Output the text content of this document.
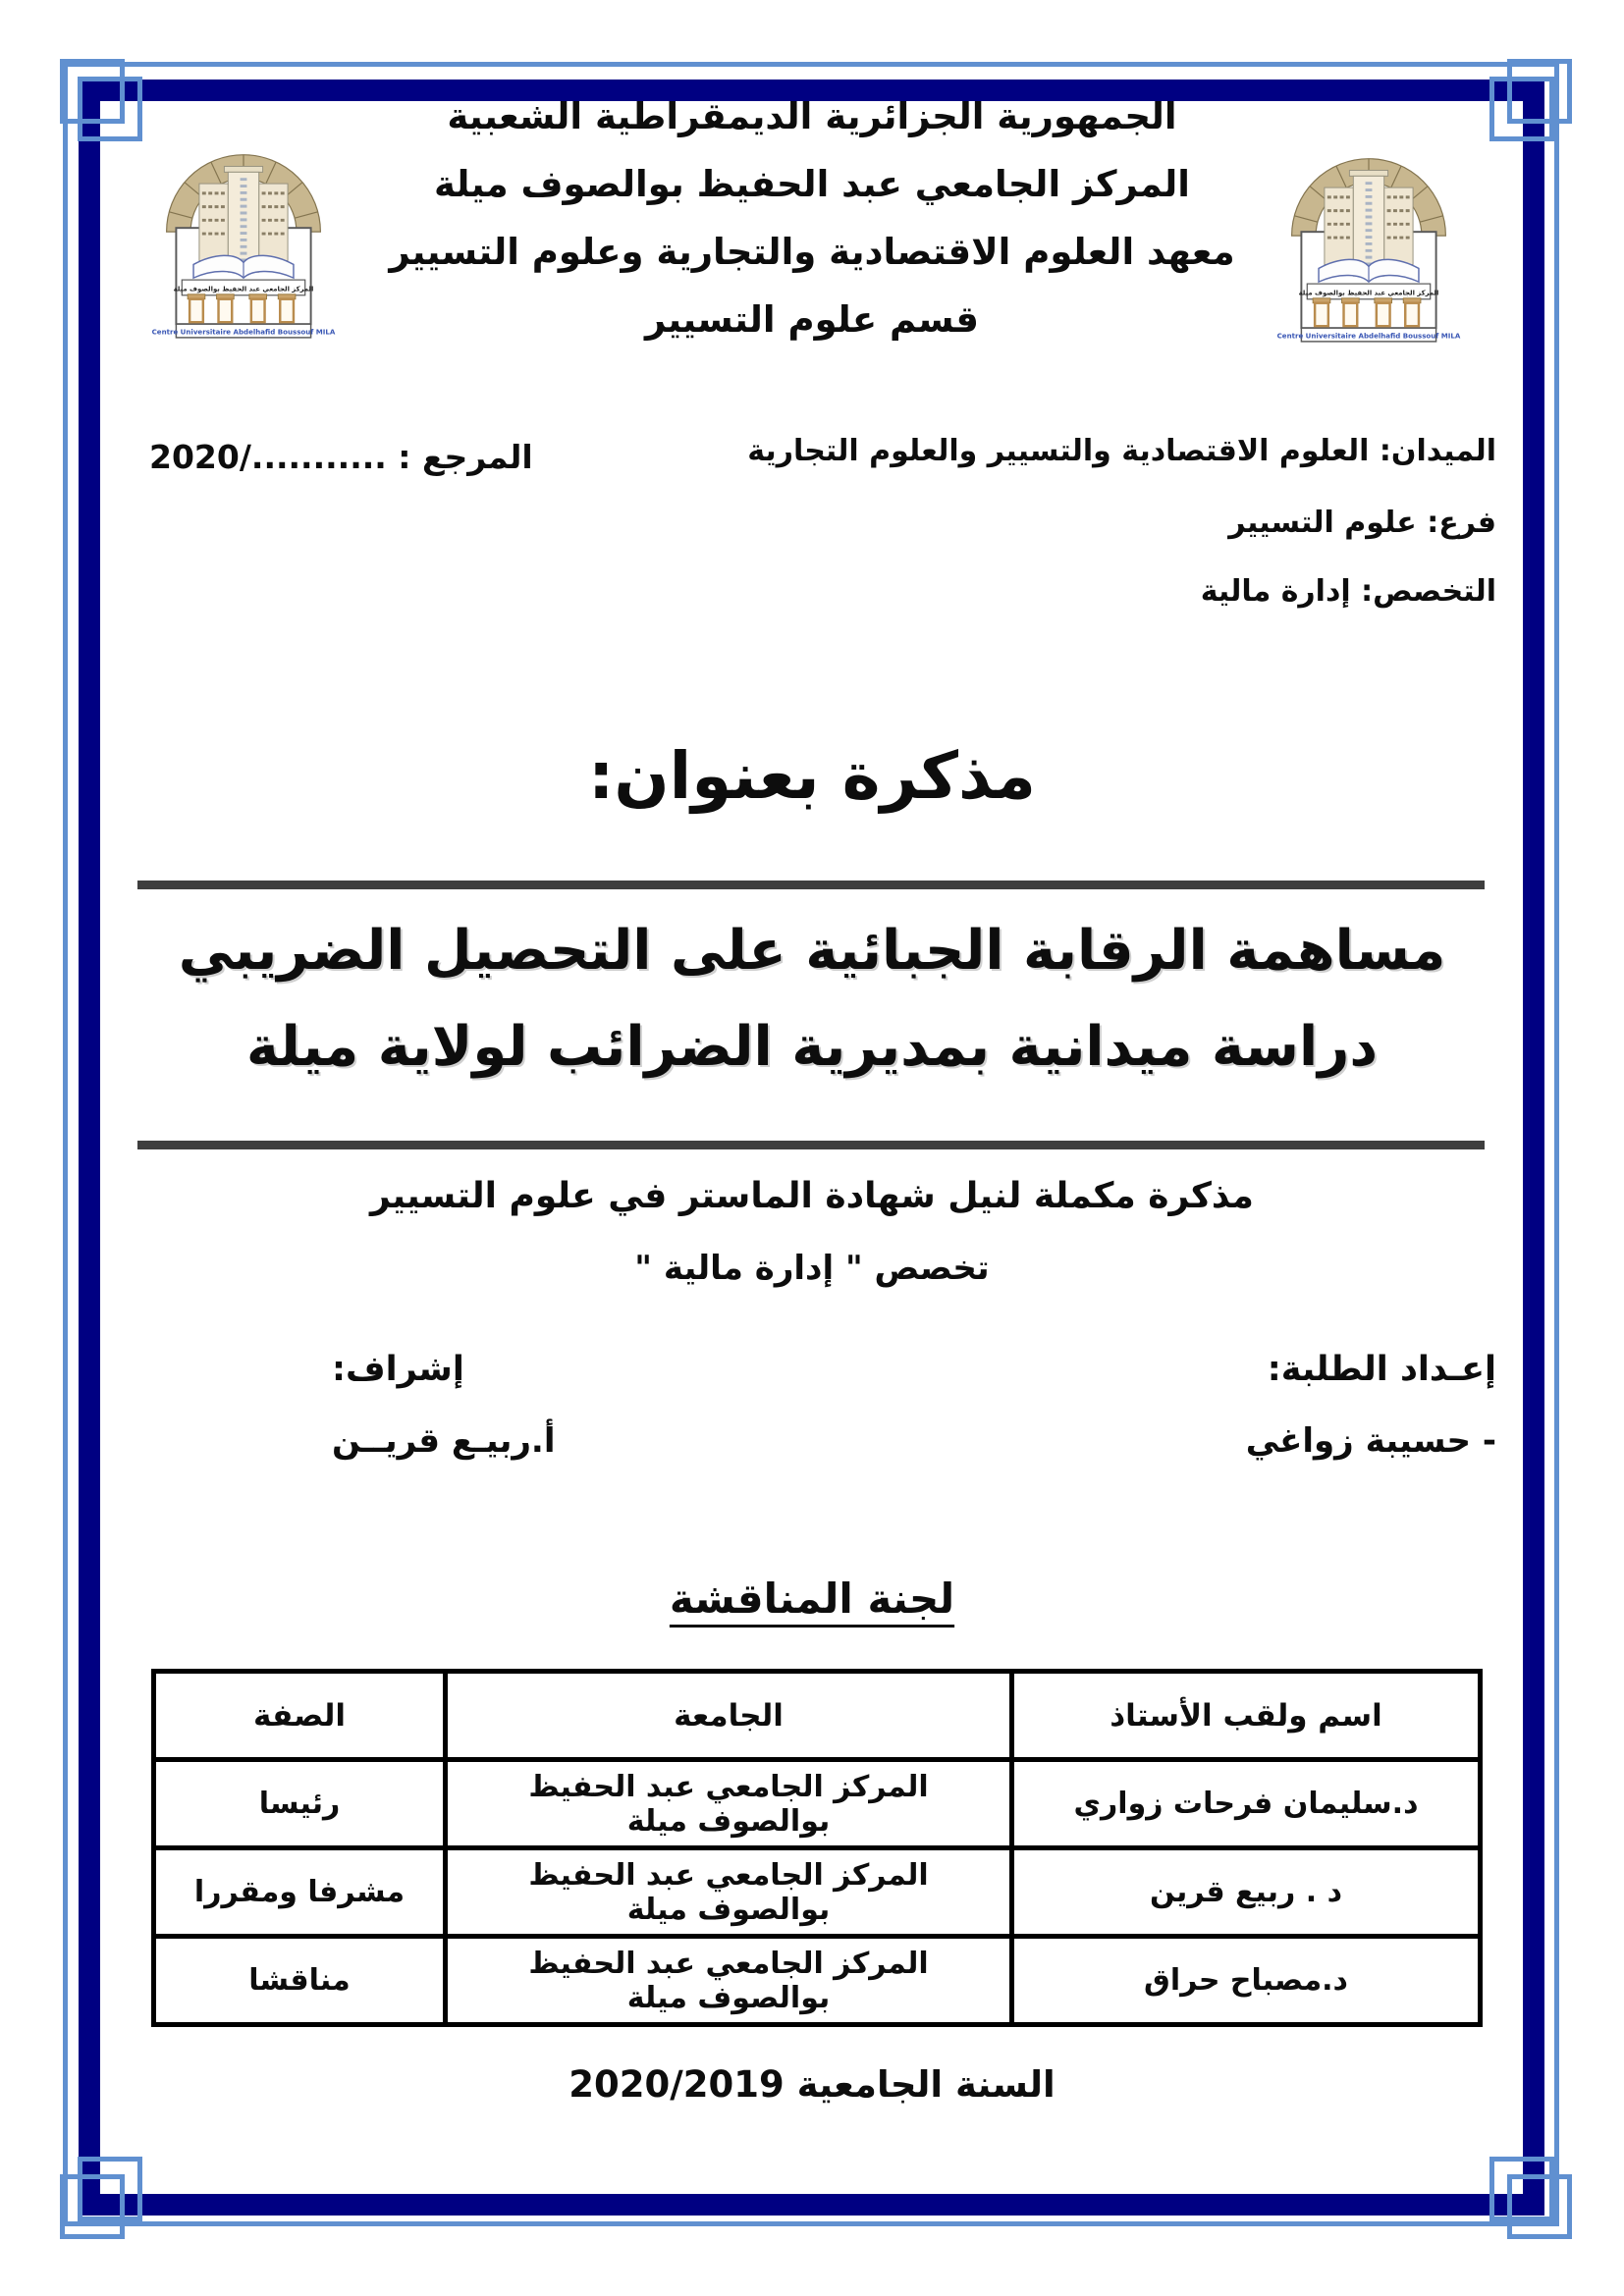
الجمهورية الجزائرية الديمقراطية الشعبية
المركز الجامعي عبد الحفيظ بوالصوف ميلة
معهد العلوم الاقتصادية والتجارية وعلوم التسيير
قسم علوم التسيير
الميدان: العلوم الاقتصادية والتسيير والعلوم التجارية
المرجع : .........../2020
فرع: علوم التسيير
التخصص: إدارة مالية
مذكرة بعنوان:
مساهمة الرقابة الجبائية على التحصيل الضريبي
دراسة ميدانية بمديرية الضرائب لولاية ميلة
مذكرة مكملة لنيل شهادة الماستر في علوم التسيير
تخصص " إدارة مالية "
إعـداد الطلبة:
- حسيبة زواغي
إشراف:
أ.ربيـع قريــن
لجنة المناقشة
اسم ولقب الأستاذ	الجامعة	الصفة
د.سليمان فرحات زواري	المركز الجامعي عبد الحفيظ بوالصوف ميلة	رئيسا
د . ربيع قرين	المركز الجامعي عبد الحفيظ بوالصوف ميلة	مشرفا ومقررا
د.مصباح حراق	المركز الجامعي عبد الحفيظ بوالصوف ميلة	مناقشا
السنة الجامعية 2020/2019
